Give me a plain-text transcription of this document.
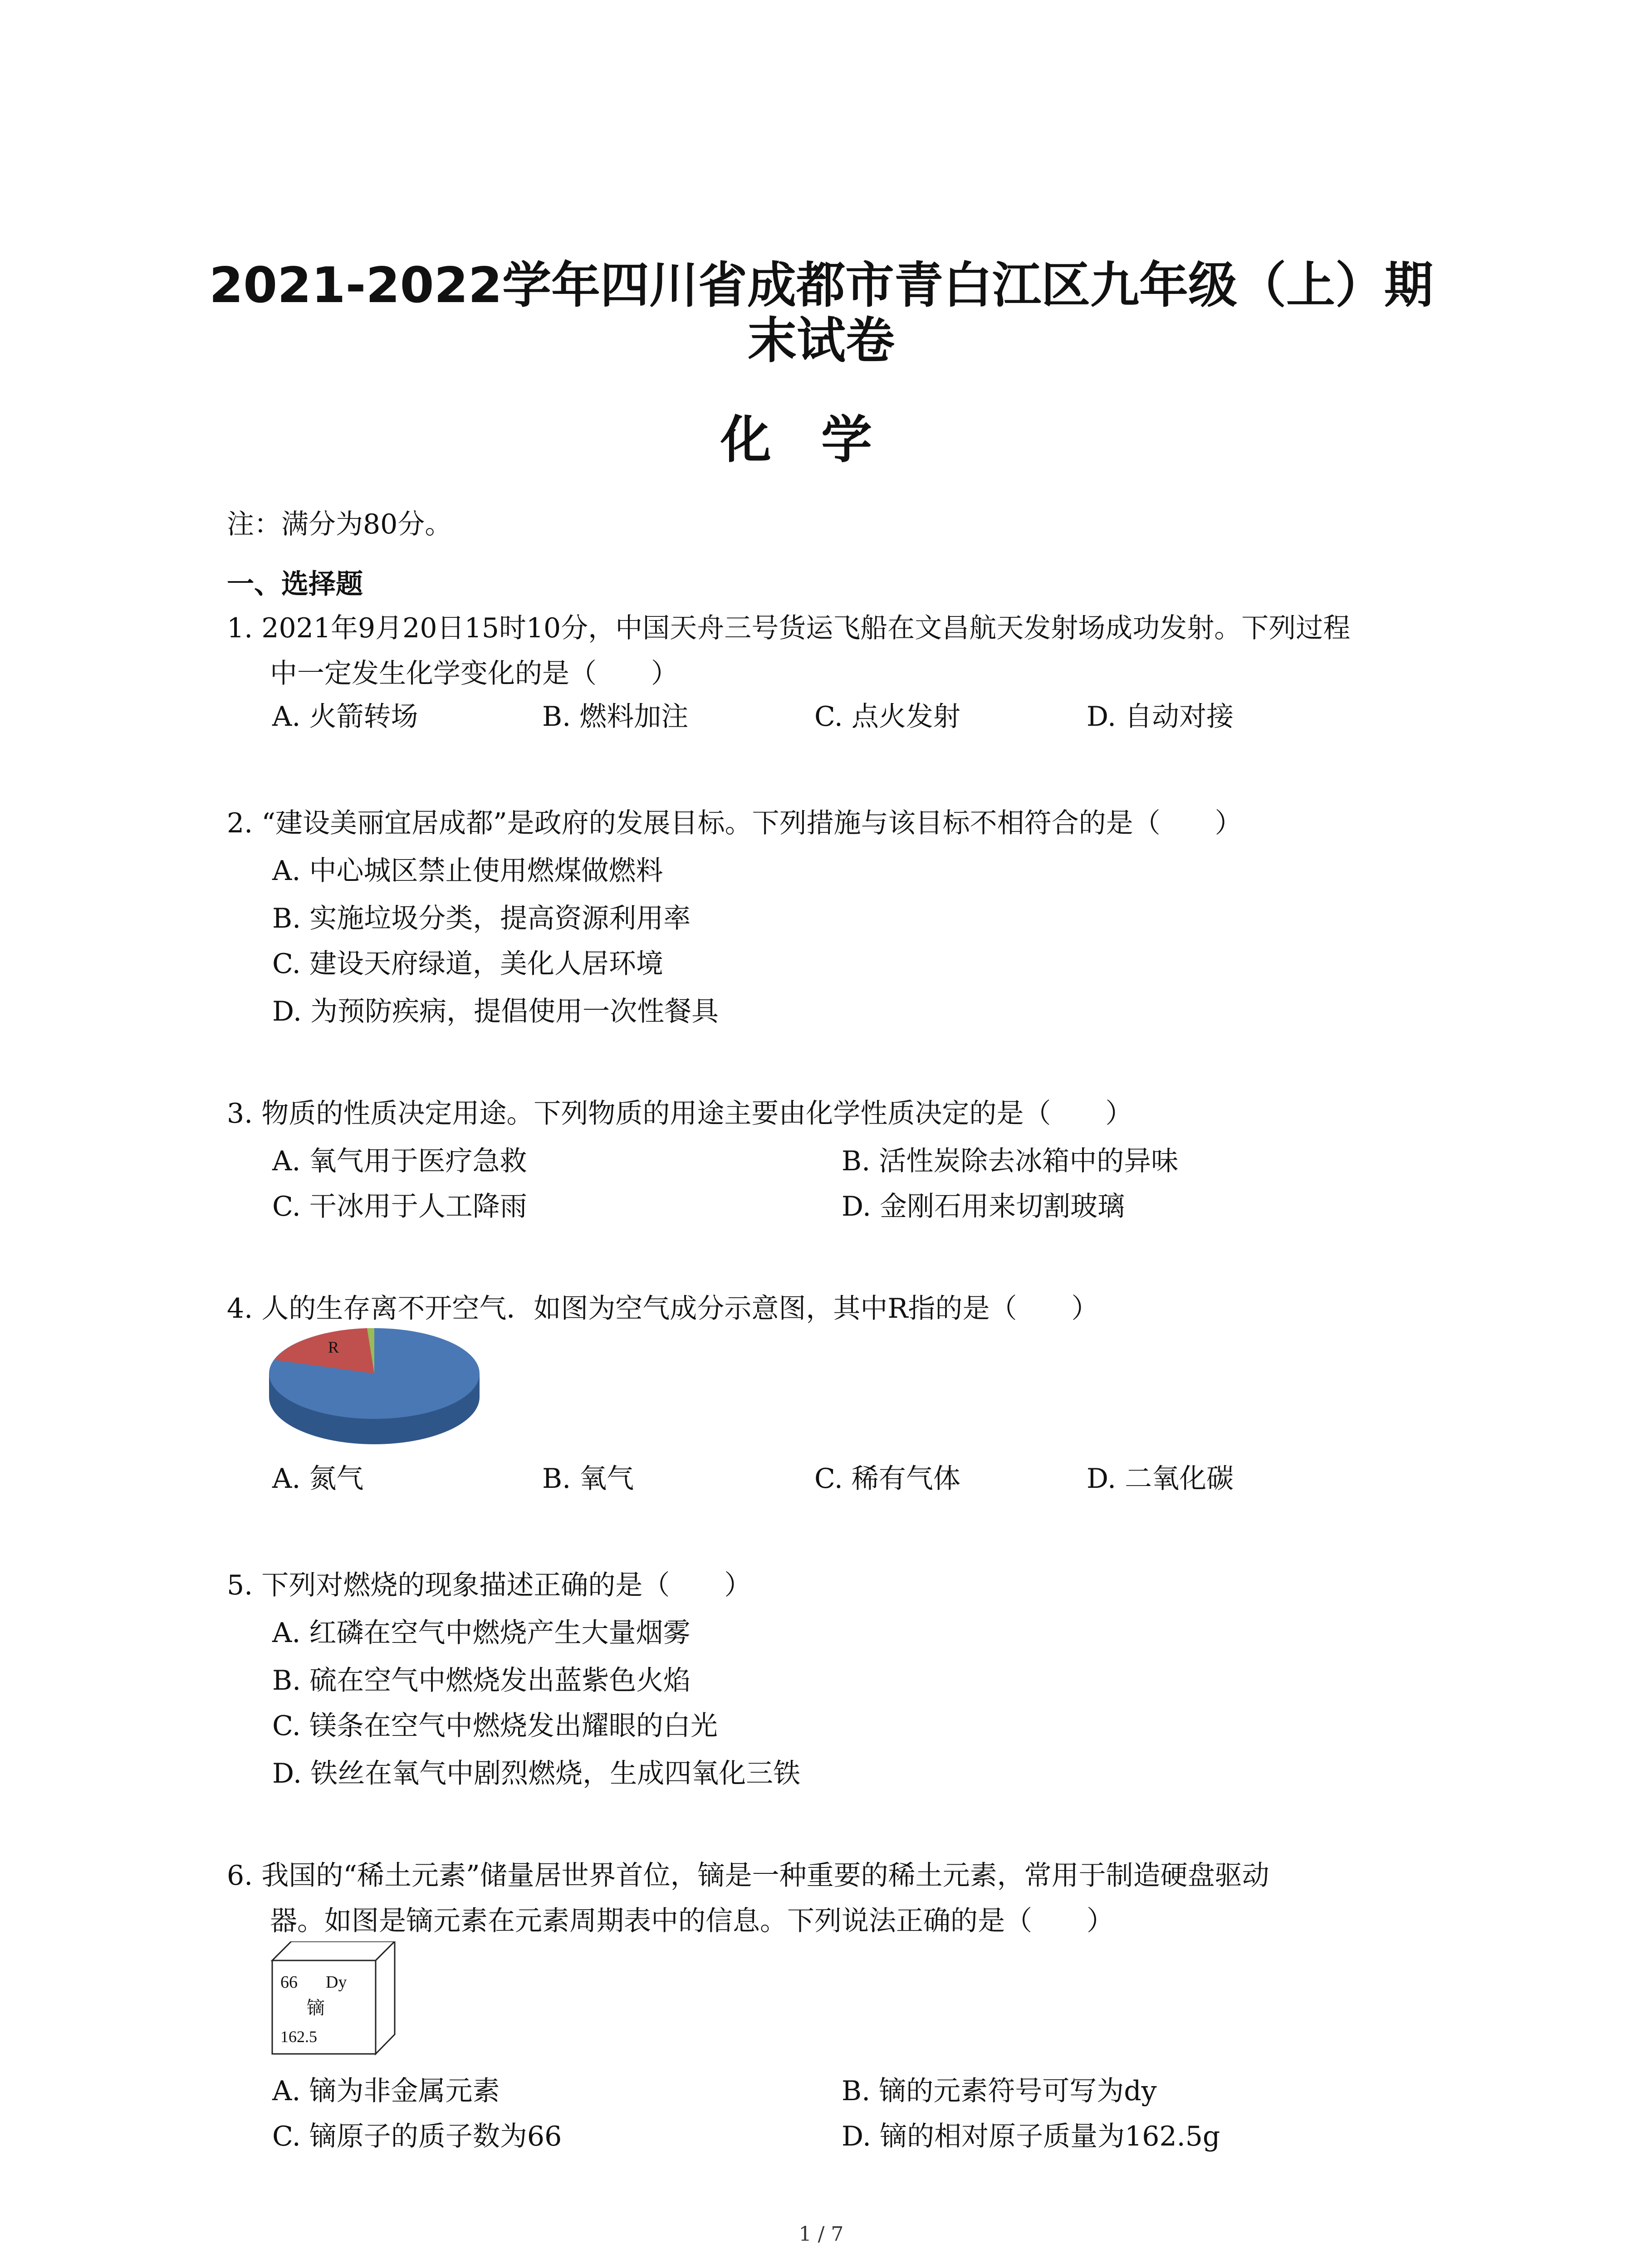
2021-2022学年四川省成都市青白江区九年级（上）期
末试卷
化学
注：满分为80分。
一、选择题
1. 2021年9月20日15时10分，中国天舟三号货运飞船在文昌航天发射场成功发射。下列过程
中一定发生化学变化的是（　　）
A. 火箭转场	B. 燃料加注	C. 点火发射	D. 自动对接
2. “建设美丽宜居成都”是政府的发展目标。下列措施与该目标不相符合的是（　　）
A. 中心城区禁止使用燃煤做燃料
B. 实施垃圾分类，提高资源利用率
C. 建设天府绿道，美化人居环境
D. 为预防疾病，提倡使用一次性餐具
3. 物质的性质决定用途。下列物质的用途主要由化学性质决定的是（　　）
A. 氧气用于医疗急救	B. 活性炭除去冰箱中的异味
C. 干冰用于人工降雨	D. 金刚石用来切割玻璃
4. 人的生存离不开空气．如图为空气成分示意图，其中R指的是（　　）
R
A. 氮气	B. 氧气	C. 稀有气体	D. 二氧化碳
5. 下列对燃烧的现象描述正确的是（　　）
A. 红磷在空气中燃烧产生大量烟雾
B. 硫在空气中燃烧发出蓝紫色火焰
C. 镁条在空气中燃烧发出耀眼的白光
D. 铁丝在氧气中剧烈燃烧，生成四氧化三铁
6. 我国的“稀土元素”储量居世界首位，镝是一种重要的稀土元素，常用于制造硬盘驱动
器。如图是镝元素在元素周期表中的信息。下列说法正确的是（　　）
66 Dy
镝
162.5
A. 镝为非金属元素	B. 镝的元素符号可写为dy
C. 镝原子的质子数为66	D. 镝的相对原子质量为162.5g
1 / 7
